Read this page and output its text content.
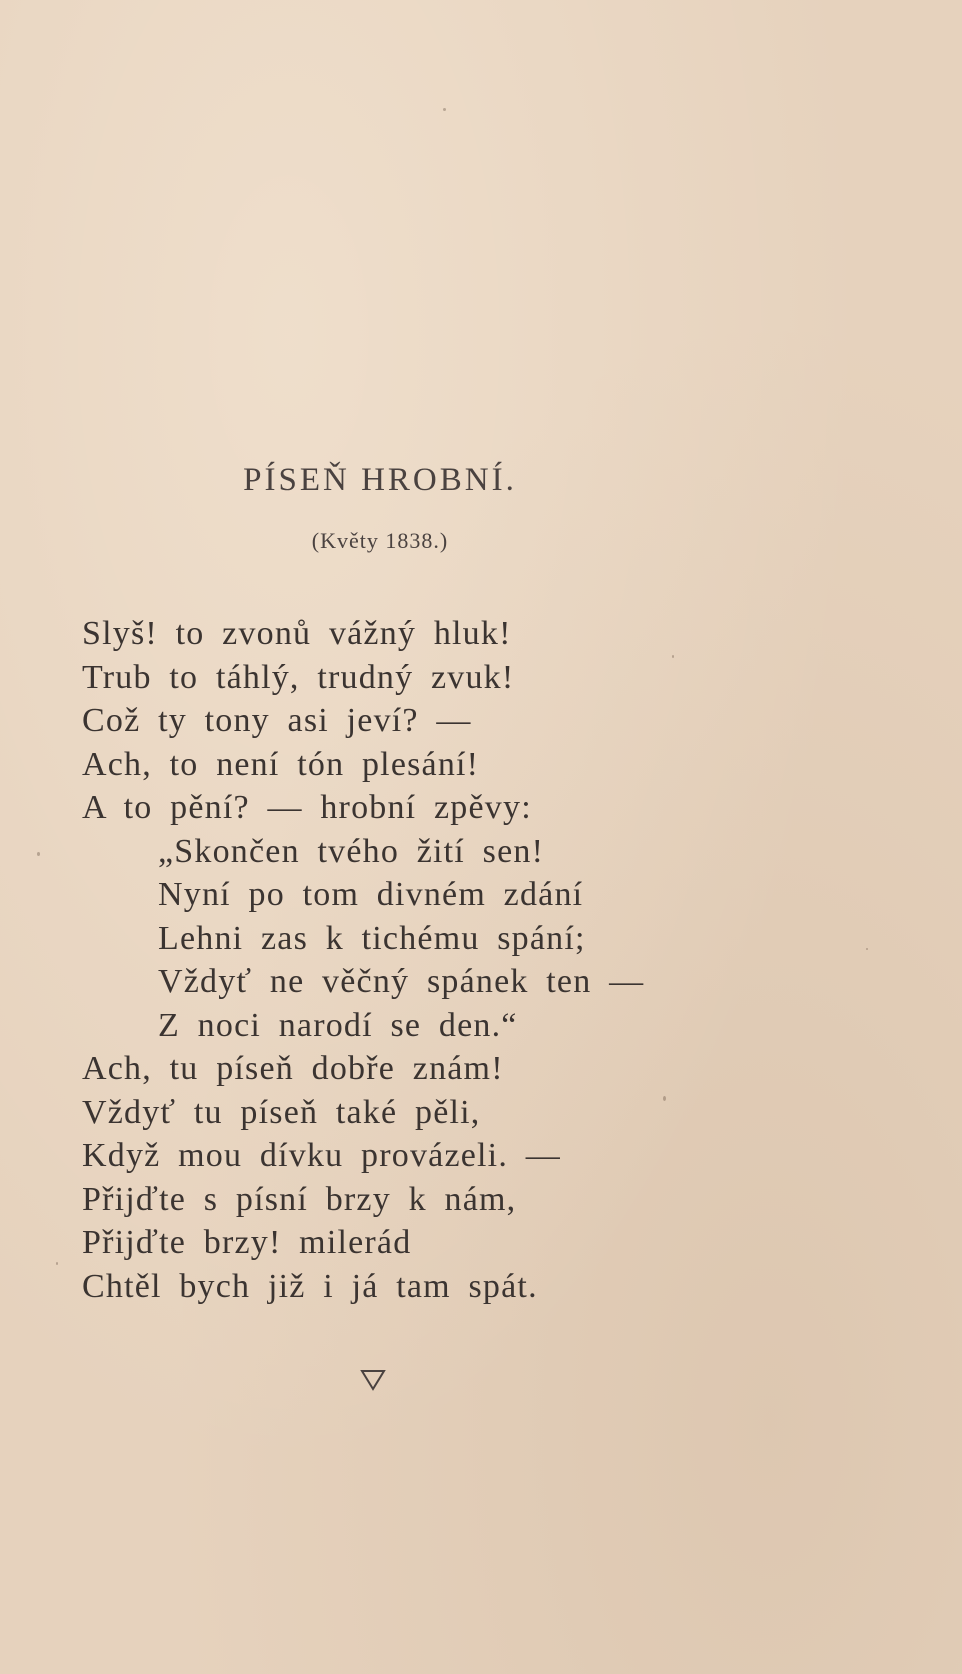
PÍSEŇ HROBNÍ.
(Květy 1838.)
Slyš! to zvonů vážný hluk!
Trub to táhlý, trudný zvuk!
Což ty tony asi jeví? —
Ach, to není tón plesání!
A to pění? — hrobní zpěvy:
„Skončen tvého žití sen!
Nyní po tom divném zdání
Lehni zas k tichému spání;
Vždyť ne věčný spánek ten —
Z noci narodí se den.“
Ach, tu píseň dobře znám!
Vždyť tu píseň také pěli,
Když mou dívku provázeli. —
Přijďte s písní brzy k nám,
Přijďte brzy! milerád
Chtěl bych již i já tam spát.
